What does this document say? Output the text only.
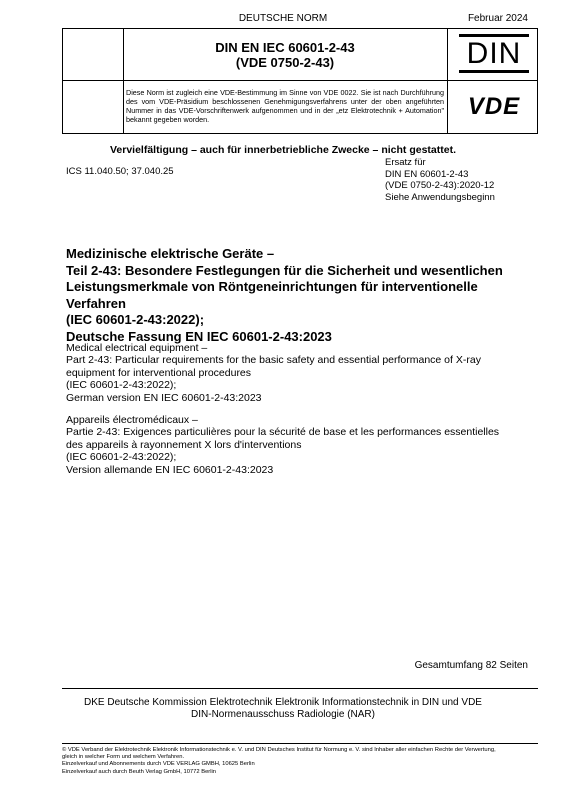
DEUTSCHE NORM	Februar 2024
DIN EN IEC 60601-2-43
(VDE 0750-2-43)	DIN
Diese Norm ist zugleich eine VDE-Bestimmung im Sinne von VDE 0022. Sie ist nach Durchführung des vom VDE-Präsidium beschlossenen Genehmigungsverfahrens unter der oben angeführten Nummer in das VDE-Vorschriftenwerk aufgenommen und in der „etz Elektrotechnik + Automation" bekannt gegeben worden.	VDE
Vervielfältigung – auch für innerbetriebliche Zwecke – nicht gestattet.
ICS 11.040.50; 37.040.25
Ersatz für
DIN EN 60601-2-43
(VDE 0750-2-43):2020-12
Siehe Anwendungsbeginn
Medizinische elektrische Geräte –
Teil 2-43: Besondere Festlegungen für die Sicherheit und wesentlichen
Leistungsmerkmale von Röntgeneinrichtungen für interventionelle
Verfahren
(IEC 60601-2-43:2022);
Deutsche Fassung EN IEC 60601-2-43:2023
Medical electrical equipment –
Part 2-43: Particular requirements for the basic safety and essential performance of X-ray
equipment for interventional procedures
(IEC 60601-2-43:2022);
German version EN IEC 60601-2-43:2023
Appareils électromédicaux –
Partie 2-43: Exigences particulières pour la sécurité de base et les performances essentielles
des appareils à rayonnement X lors d'interventions
(IEC 60601-2-43:2022);
Version allemande EN IEC 60601-2-43:2023
Gesamtumfang 82 Seiten
DKE Deutsche Kommission Elektrotechnik Elektronik Informationstechnik in DIN und VDE
DIN-Normenausschuss Radiologie (NAR)
© VDE Verband der Elektrotechnik Elektronik Informationstechnik e. V. und DIN Deutsches Institut für Normung e. V. sind Inhaber aller einfachen Rechte der Verwertung,
gleich in welcher Form und welchem Verfahren.
Einzelverkauf und Abonnements durch VDE VERLAG GMBH, 10625 Berlin
Einzelverkauf auch durch Beuth Verlag GmbH, 10772 Berlin
